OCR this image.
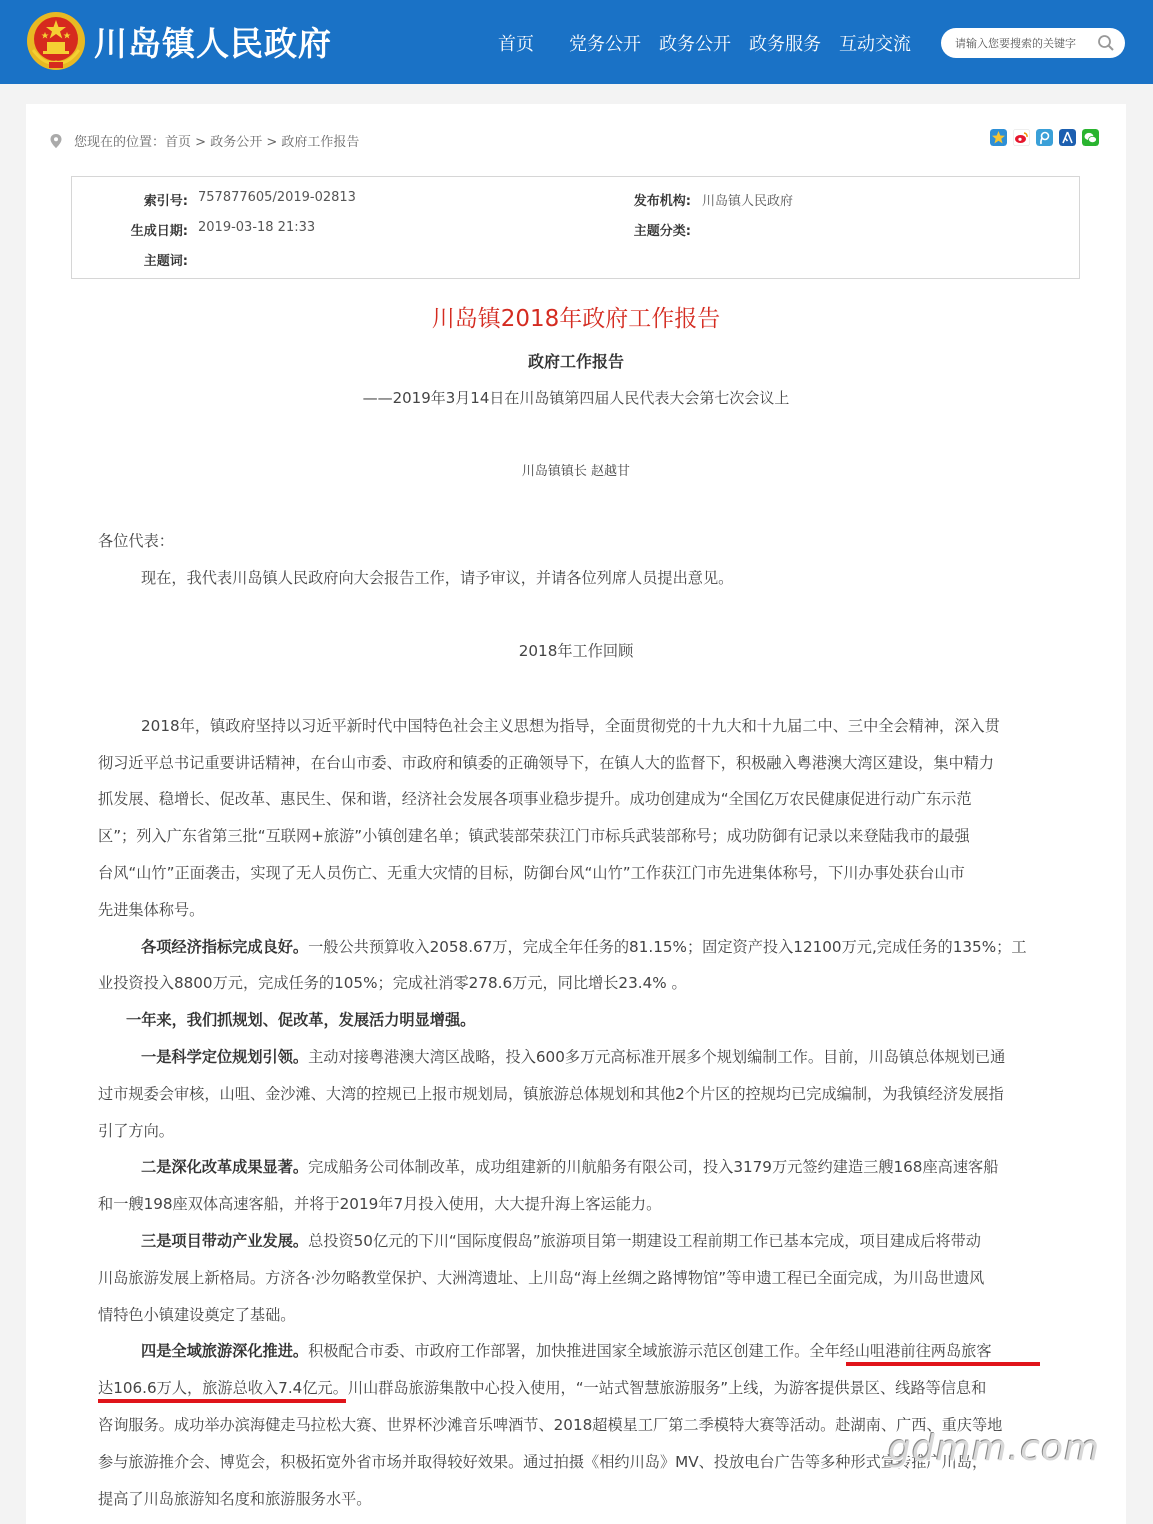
川岛镇人民政府	首页 党务公开 政务公开 政务服务 互动交流
请输入您要搜索的关键字
您现在的位置：首页 > 政务公开 > 政府工作报告
索引号: 757877605/2019-02813	发布机构: 川岛镇人民政府
生成日期: 2019-03-18 21:33	主题分类:
主题词:
川岛镇2018年政府工作报告
政府工作报告
——2019年3月14日在川岛镇第四届人民代表大会第七次会议上
川岛镇镇长 赵越甘
各位代表：
现在，我代表川岛镇人民政府向大会报告工作，请予审议，并请各位列席人员提出意见。
2018年工作回顾
2018年，镇政府坚持以习近平新时代中国特色社会主义思想为指导，全面贯彻党的十九大和十九届二中、三中全会精神，深入贯
彻习近平总书记重要讲话精神，在台山市委、市政府和镇委的正确领导下，在镇人大的监督下，积极融入粤港澳大湾区建设，集中精力
抓发展、稳增长、促改革、惠民生、保和谐，经济社会发展各项事业稳步提升。成功创建成为“全国亿万农民健康促进行动广东示范
区”；列入广东省第三批“互联网+旅游”小镇创建名单；镇武装部荣获江门市标兵武装部称号；成功防御有记录以来登陆我市的最强
台风“山竹”正面袭击，实现了无人员伤亡、无重大灾情的目标，防御台风“山竹”工作获江门市先进集体称号，下川办事处获台山市
先进集体称号。
各项经济指标完成良好。一般公共预算收入2058.67万，完成全年任务的81.15%；固定资产投入12100万元,完成任务的135%；工
业投资投入8800万元，完成任务的105%；完成社消零278.6万元，同比增长23.4% 。
一年来，我们抓规划、促改革，发展活力明显增强。
一是科学定位规划引领。主动对接粤港澳大湾区战略，投入600多万元高标准开展多个规划编制工作。目前，川岛镇总体规划已通
过市规委会审核，山咀、金沙滩、大湾的控规已上报市规划局，镇旅游总体规划和其他2个片区的控规均已完成编制，为我镇经济发展指
引了方向。
二是深化改革成果显著。完成船务公司体制改革，成功组建新的川航船务有限公司，投入3179万元签约建造三艘168座高速客船
和一艘198座双体高速客船，并将于2019年7月投入使用，大大提升海上客运能力。
三是项目带动产业发展。总投资50亿元的下川“国际度假岛”旅游项目第一期建设工程前期工作已基本完成，项目建成后将带动
川岛旅游发展上新格局。方济各·沙勿略教堂保护、大洲湾遗址、上川岛“海上丝绸之路博物馆”等申遗工程已全面完成，为川岛世遗风
情特色小镇建设奠定了基础。
四是全域旅游深化推进。积极配合市委、市政府工作部署，加快推进国家全域旅游示范区创建工作。全年经山咀港前往两岛旅客
达106.6万人，旅游总收入7.4亿元。川山群岛旅游集散中心投入使用，“一站式智慧旅游服务”上线，为游客提供景区、线路等信息和
咨询服务。成功举办滨海健走马拉松大赛、世界杯沙滩音乐啤酒节、2018超模星工厂第二季模特大赛等活动。赴湖南、广西、重庆等地
参与旅游推介会、博览会，积极拓宽外省市场并取得较好效果。通过拍摄《相约川岛》MV、投放电台广告等多种形式宣传推广川岛，
提高了川岛旅游知名度和旅游服务水平。
gdmm.com
